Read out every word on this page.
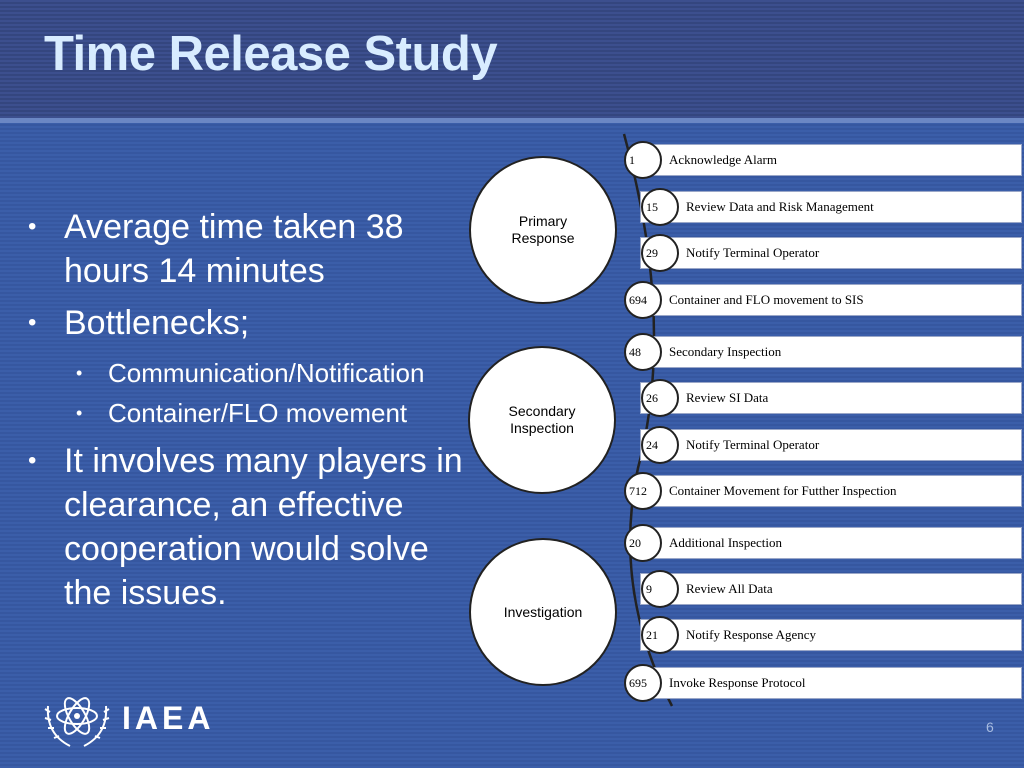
Time Release Study
• Average time taken 38 hours 14 minutes
• Bottlenecks;
• Communication/Notification
• Container/FLO movement
• It involves many players in clearance, an effective cooperation would solve the issues.
Primary
Response
Secondary
Inspection
Investigation
Acknowledge Alarm
1
Review Data and Risk Management
15
Notify Terminal Operator
29
Container and FLO movement to SIS
694
Secondary Inspection
48
Review SI Data
26
Notify Terminal Operator
24
Container Movement for Futther Inspection
712
Additional Inspection
20
Review All Data
9
Notify Response Agency
21
Invoke Response Protocol
695
IAEA	6
